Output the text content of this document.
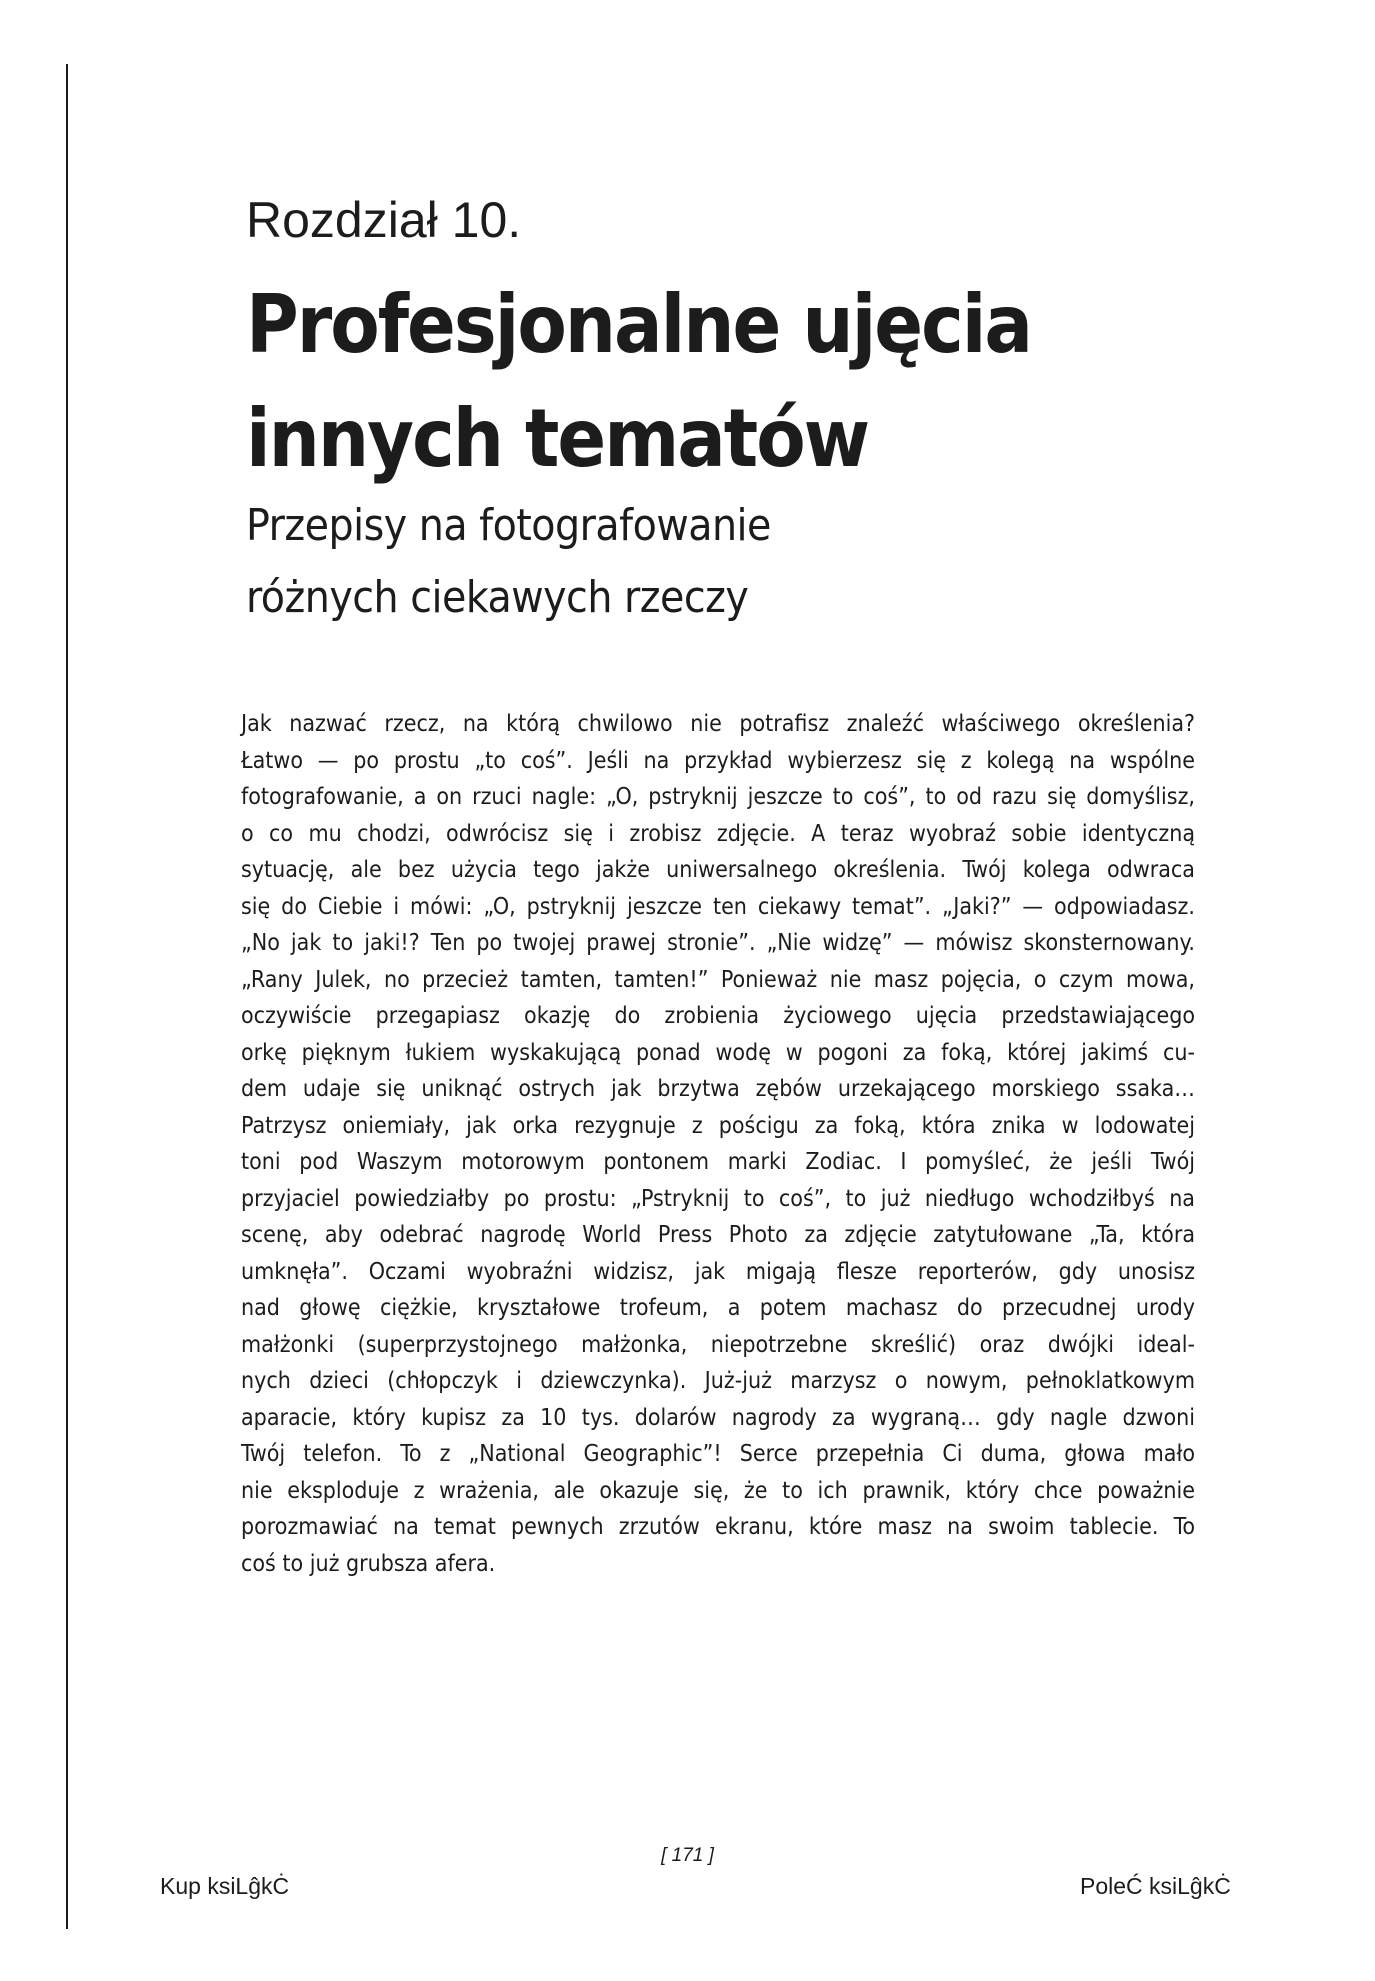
Rozdział 10.
Profesjonalne ujęcia
innych tematów
Przepisy na fotografowanie
różnych ciekawych rzeczy

Jak nazwać rzecz, na którą chwilowo nie potrafisz znaleźć właściwego określenia?
Łatwo — po prostu „to coś”. Jeśli na przykład wybierzesz się z kolegą na wspólne
fotografowanie, a on rzuci nagle: „O, pstryknij jeszcze to coś”, to od razu się domyślisz,
o co mu chodzi, odwrócisz się i zrobisz zdjęcie. A teraz wyobraź sobie identyczną
sytuację, ale bez użycia tego jakże uniwersalnego określenia. Twój kolega odwraca
się do Ciebie i mówi: „O, pstryknij jeszcze ten ciekawy temat”. „Jaki?” — odpowiadasz.
„No jak to jaki!? Ten po twojej prawej stronie”. „Nie widzę” — mówisz skonsternowany.
„Rany Julek, no przecież tamten, tamten!” Ponieważ nie masz pojęcia, o czym mowa,
oczywiście przegapiasz okazję do zrobienia życiowego ujęcia przedstawiającego
orkę pięknym łukiem wyskakującą ponad wodę w pogoni za foką, której jakimś cu-
dem udaje się uniknąć ostrych jak brzytwa zębów urzekającego morskiego ssaka…
Patrzysz oniemiały, jak orka rezygnuje z pościgu za foką, która znika w lodowatej
toni pod Waszym motorowym pontonem marki Zodiac. I pomyśleć, że jeśli Twój
przyjaciel powiedziałby po prostu: „Pstryknij to coś”, to już niedługo wchodziłbyś na
scenę, aby odebrać nagrodę World Press Photo za zdjęcie zatytułowane „Ta, która
umknęła”. Oczami wyobraźni widzisz, jak migają flesze reporterów, gdy unosisz
nad głowę ciężkie, kryształowe trofeum, a potem machasz do przecudnej urody
małżonki (superprzystojnego małżonka, niepotrzebne skreślić) oraz dwójki ideal-
nych dzieci (chłopczyk i dziewczynka). Już-już marzysz o nowym, pełnoklatkowym
aparacie, który kupisz za 10 tys. dolarów nagrody za wygraną… gdy nagle dzwoni
Twój telefon. To z „National Geographic”! Serce przepełnia Ci duma, głowa mało
nie eksploduje z wrażenia, ale okazuje się, że to ich prawnik, który chce poważnie
porozmawiać na temat pewnych zrzutów ekranu, które masz na swoim tablecie. To
coś to już grubsza afera.

[ 171 ]
Kup ksiLĝkĊ	PoleĆ ksiLĝkĊ
